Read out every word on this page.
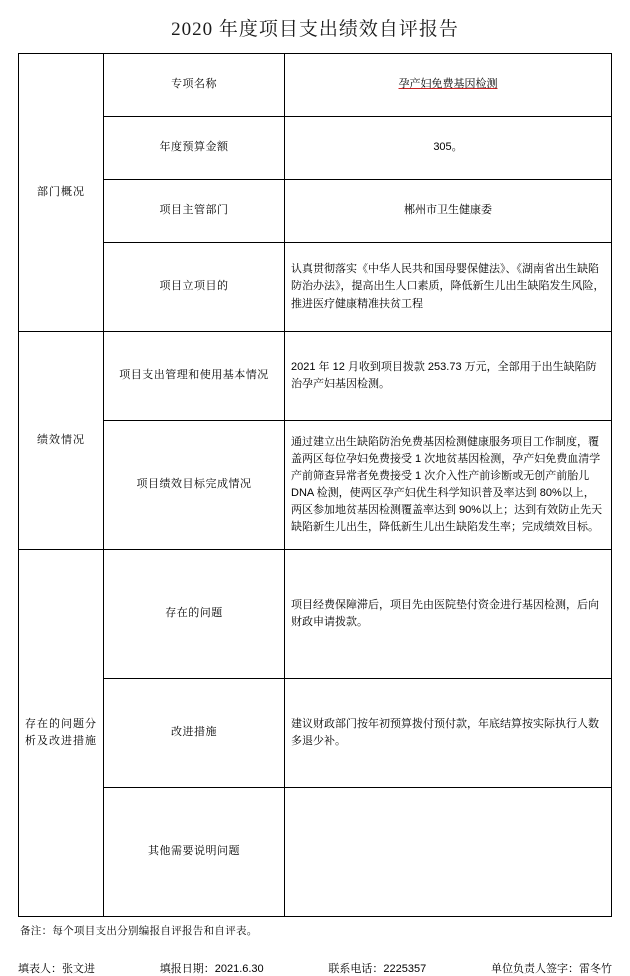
2020 年度项目支出绩效自评报告
部门概况	专项名称	孕产妇免费基因检测
	年度预算金额	305。
	项目主管部门	郴州市卫生健康委
	项目立项目的	认真贯彻落实《中华人民共和国母婴保健法》、《湖南省出生缺陷防治办法》，提高出生人口素质，降低新生儿出生缺陷发生风险，推进医疗健康精准扶贫工程
绩效情况	项目支出管理和使用基本情况	2021 年 12 月收到项目拨款 253.73 万元，全部用于出生缺陷防治孕产妇基因检测。
	项目绩效目标完成情况	通过建立出生缺陷防治免费基因检测健康服务项目工作制度，覆盖两区每位孕妇免费接受 1 次地贫基因检测，孕产妇免费血清学产前筛查异常者免费接受 1 次介入性产前诊断或无创产前胎儿 DNA 检测，使两区孕产妇优生科学知识普及率达到 80%以上，两区参加地贫基因检测覆盖率达到 90%以上；达到有效防止先天缺陷新生儿出生，降低新生儿出生缺陷发生率；完成绩效目标。
存在的问题分析及改进措施	存在的问题	项目经费保障滞后，项目先由医院垫付资金进行基因检测，后向财政申请拨款。
	改进措施	建议财政部门按年初预算拨付预付款，年底结算按实际执行人数多退少补。
	其他需要说明问题	
备注：每个项目支出分别编报自评报告和自评表。
填表人：张文进	填报日期：2021.6.30	联系电话：2225357	单位负责人签字：雷冬竹
